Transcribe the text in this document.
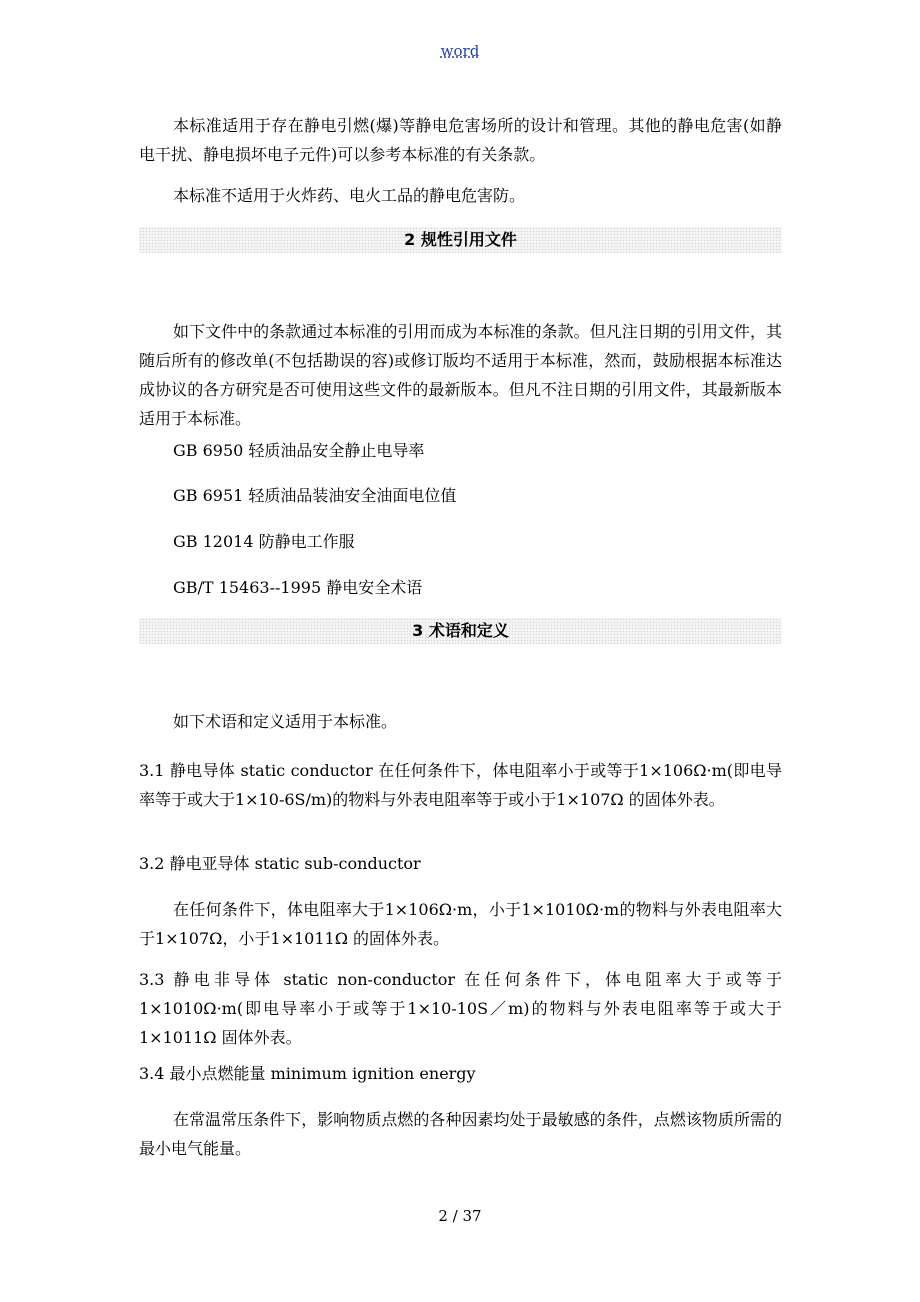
word

本标准适用于存在静电引燃(爆)等静电危害场所的设计和管理。其他的静电危害(如静电干扰、静电损坏电子元件)可以参考本标准的有关条款。

本标准不适用于火炸药、电火工品的静电危害防。

2 规性引用文件

如下文件中的条款通过本标准的引用而成为本标准的条款。但凡注日期的引用文件，其随后所有的修改单(不包括勘误的容)或修订版均不适用于本标准，然而，鼓励根据本标准达成协议的各方研究是否可使用这些文件的最新版本。但凡不注日期的引用文件，其最新版本适用于本标准。

GB 6950 轻质油品安全静止电导率

GB 6951 轻质油品装油安全油面电位值

GB 12014 防静电工作服

GB/T 15463--1995 静电安全术语

3 术语和定义

如下术语和定义适用于本标准。

3.1 静电导体 static conductor 在任何条件下，体电阻率小于或等于1×106Ω·m(即电导率等于或大于1×10-6S/m)的物料与外表电阻率等于或小于1×107Ω 的固体外表。

3.2 静电亚导体 static sub-conductor

在任何条件下，体电阻率大于1×106Ω·m，小于1×1010Ω·m的物料与外表电阻率大于1×107Ω，小于1×1011Ω 的固体外表。

3.3 静电非导体 static non-conductor 在任何条件下，体电阻率大于或等于1×1010Ω·m(即电导率小于或等于1×10-10S／m)的物料与外表电阻率等于或大于1×1011Ω 固体外表。

3.4 最小点燃能量 minimum ignition energy

在常温常压条件下，影响物质点燃的各种因素均处于最敏感的条件，点燃该物质所需的最小电气能量。

2 / 37
